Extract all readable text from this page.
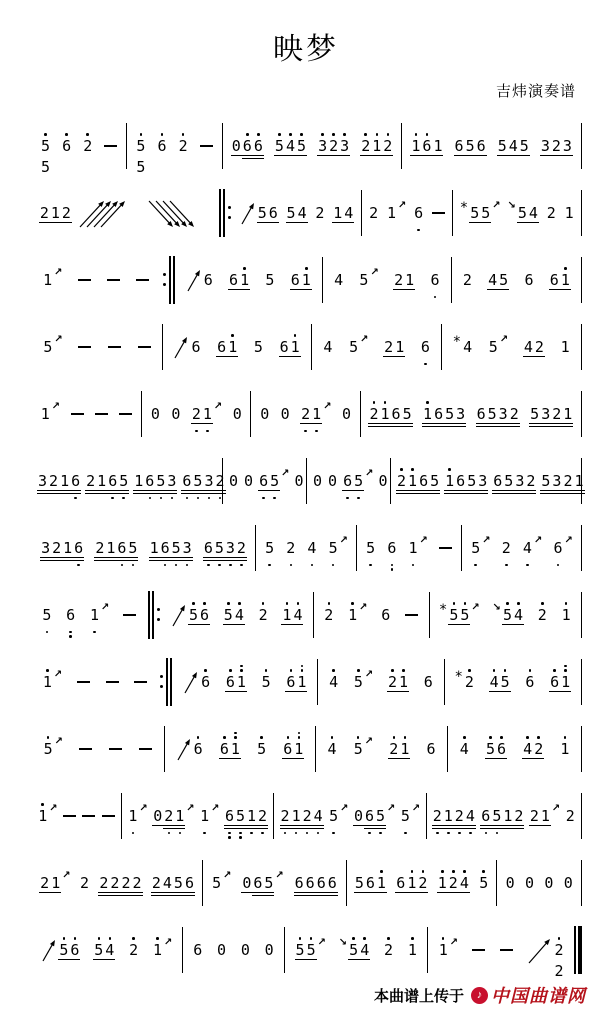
映梦
吉炜演奏谱
5
5
6 2	5
5
6 2	0 6 6 5 4 5 3 2 3 2 1 2 1 6 1 6 5 6 5 4 5 3 2 3
2 1 2	5 6 5 4 2 1 4 2 1 ↗ 6	* 5 5 ↗ ↘ 5 4 2 1
1 ↗	6 6 1 5 6 1 4 5 ↗ 2 1 6 2 4 5 6 6 1
5 ↗	6 6 1 5 6 1 4 5 ↗ 2 1 6 * 4 5 ↗ 4 2 1
1 ↗	0 0 2 1 ↗ 0 0 0 2 1 ↗ 0 2 1 6 5 1 6 5 3 6 5 3 2 5 3 2 1
3 2 1 6 2 1 6 5 1 6 5 3 6 5 3 2 0 0 6 5 ↗ 0 0 0 6 5 ↗ 0 2 1 6 5 1 6 5 3 6 5 3 2 5 3 2 1
3 2 1 6 2 1 6 5 1 6 5 3 6 5 3 2 5 2 4 5 ↗ 5 6 1 ↗	5 ↗ 2 4 ↗ 6 ↗
5 6 1 ↗	5 6 5 4 2 1 4 2 1 ↗ 6	* 5 5 ↗ ↘ 5 4 2 1
1 ↗	6 6 1 5 6 1 4 5 ↗ 2 1 6 * 2 4 5 6 6 1
5 ↗	6 6 1 5 6 1 4 5 ↗ 2 1 6 4 5 6 4 2 1
1 ↗	1 ↗ 0 2 1 ↗ 1 ↗ 6 5 1 2 2 1 2 4 5 ↗ 0 6 5 ↗ 5 ↗ 2 1 2 4 6 5 1 2 2 1 ↗ 2
2 1 ↗ 2 2 2 2 2 2 4 5 6 5 ↗ 0 6 5 ↗ 6 6 6 6 5 6 1 6 1 2 1 2 4 5 0 0 0 0
5 6 5 4 2 1 ↗ 6 0 0 0 5 5 ↗ ↘ 5 4 2 1 1 ↗	2
2
本曲谱上传于	♪ 中国曲谱网
